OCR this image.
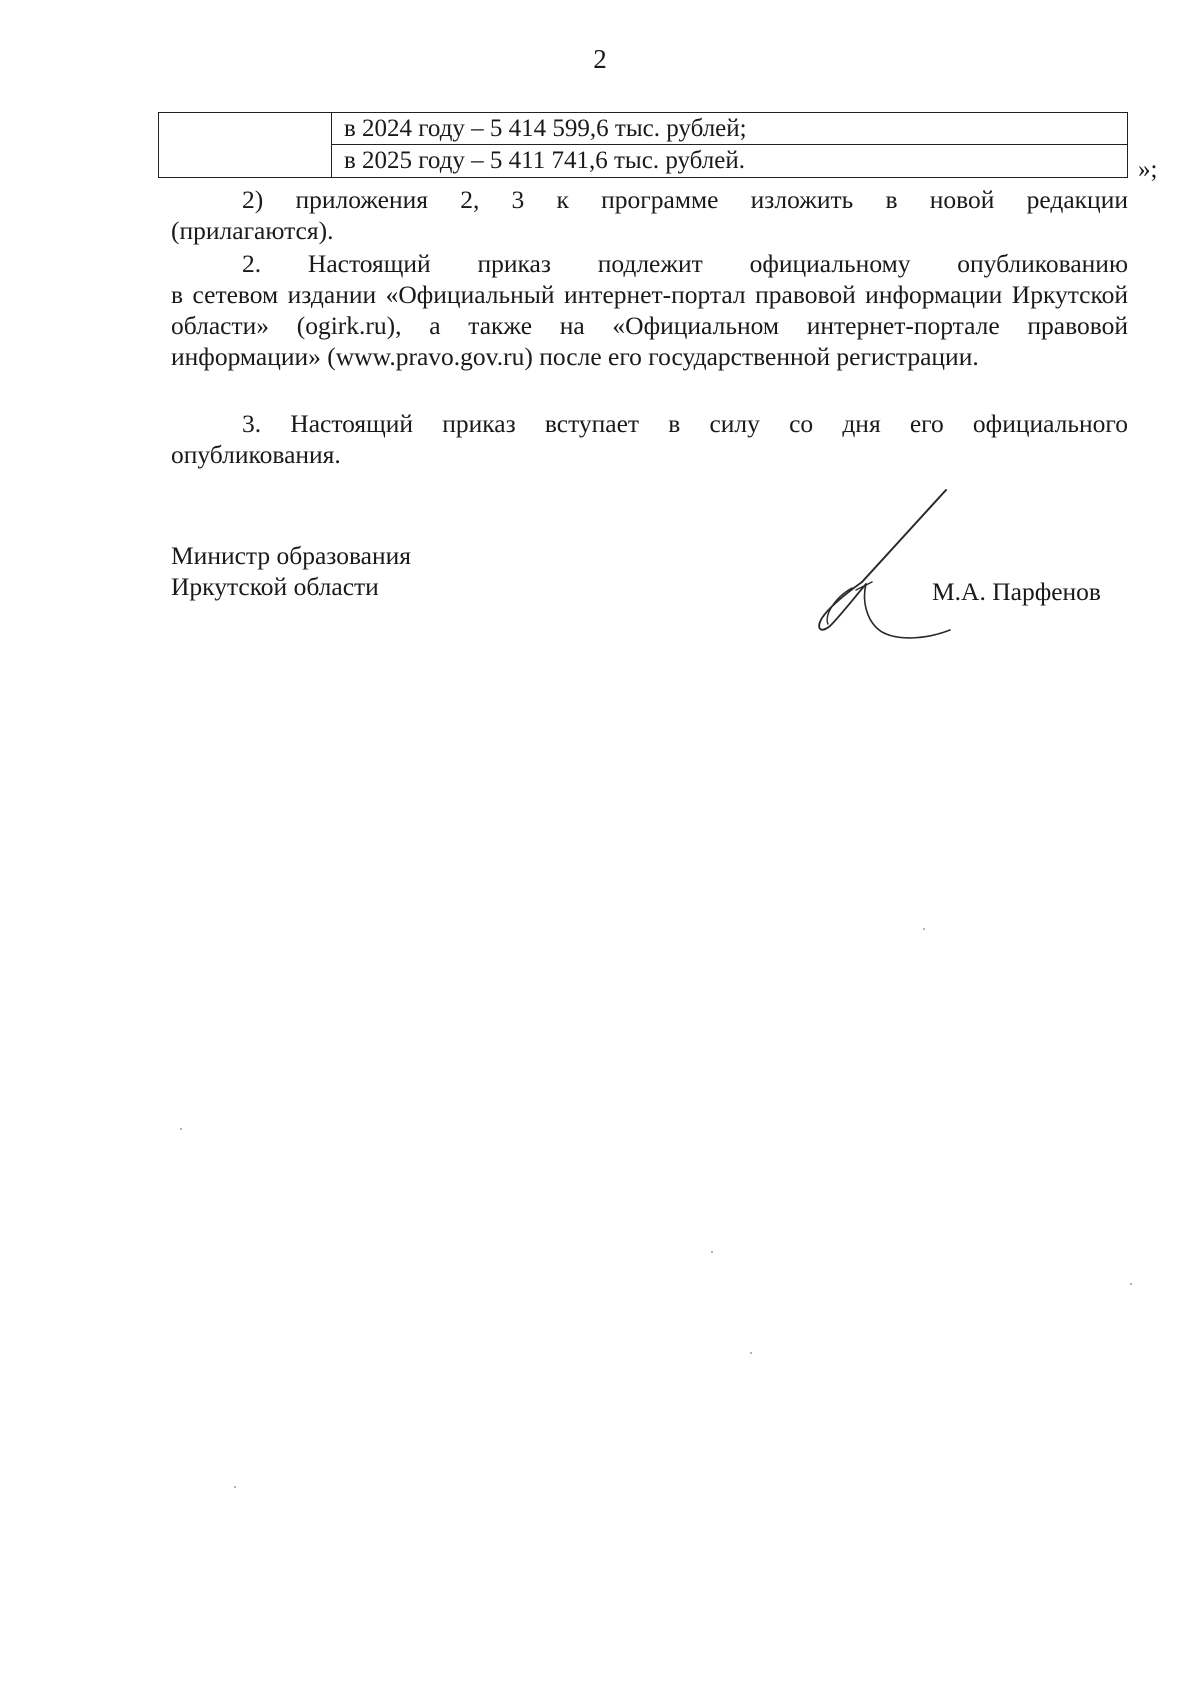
2
в 2024 году – 5 414 599,6 тыс. рублей;
в 2025 году – 5 411 741,6 тыс. рублей.	»;

2) приложения 2, 3 к программе изложить в новой редакции
(прилагаются).

2. Настоящий приказ подлежит официальному опубликованию
в сетевом издании «Официальный интернет-портал правовой информации Иркутской области» (ogirk.ru), а также на «Официальном интернет-портале правовой информации» (www.pravo.gov.ru) после его государственной регистрации.

3. Настоящий приказ вступает в силу со дня его официального
опубликования.

Министр образования
Иркутской области	М.А. Парфенов
